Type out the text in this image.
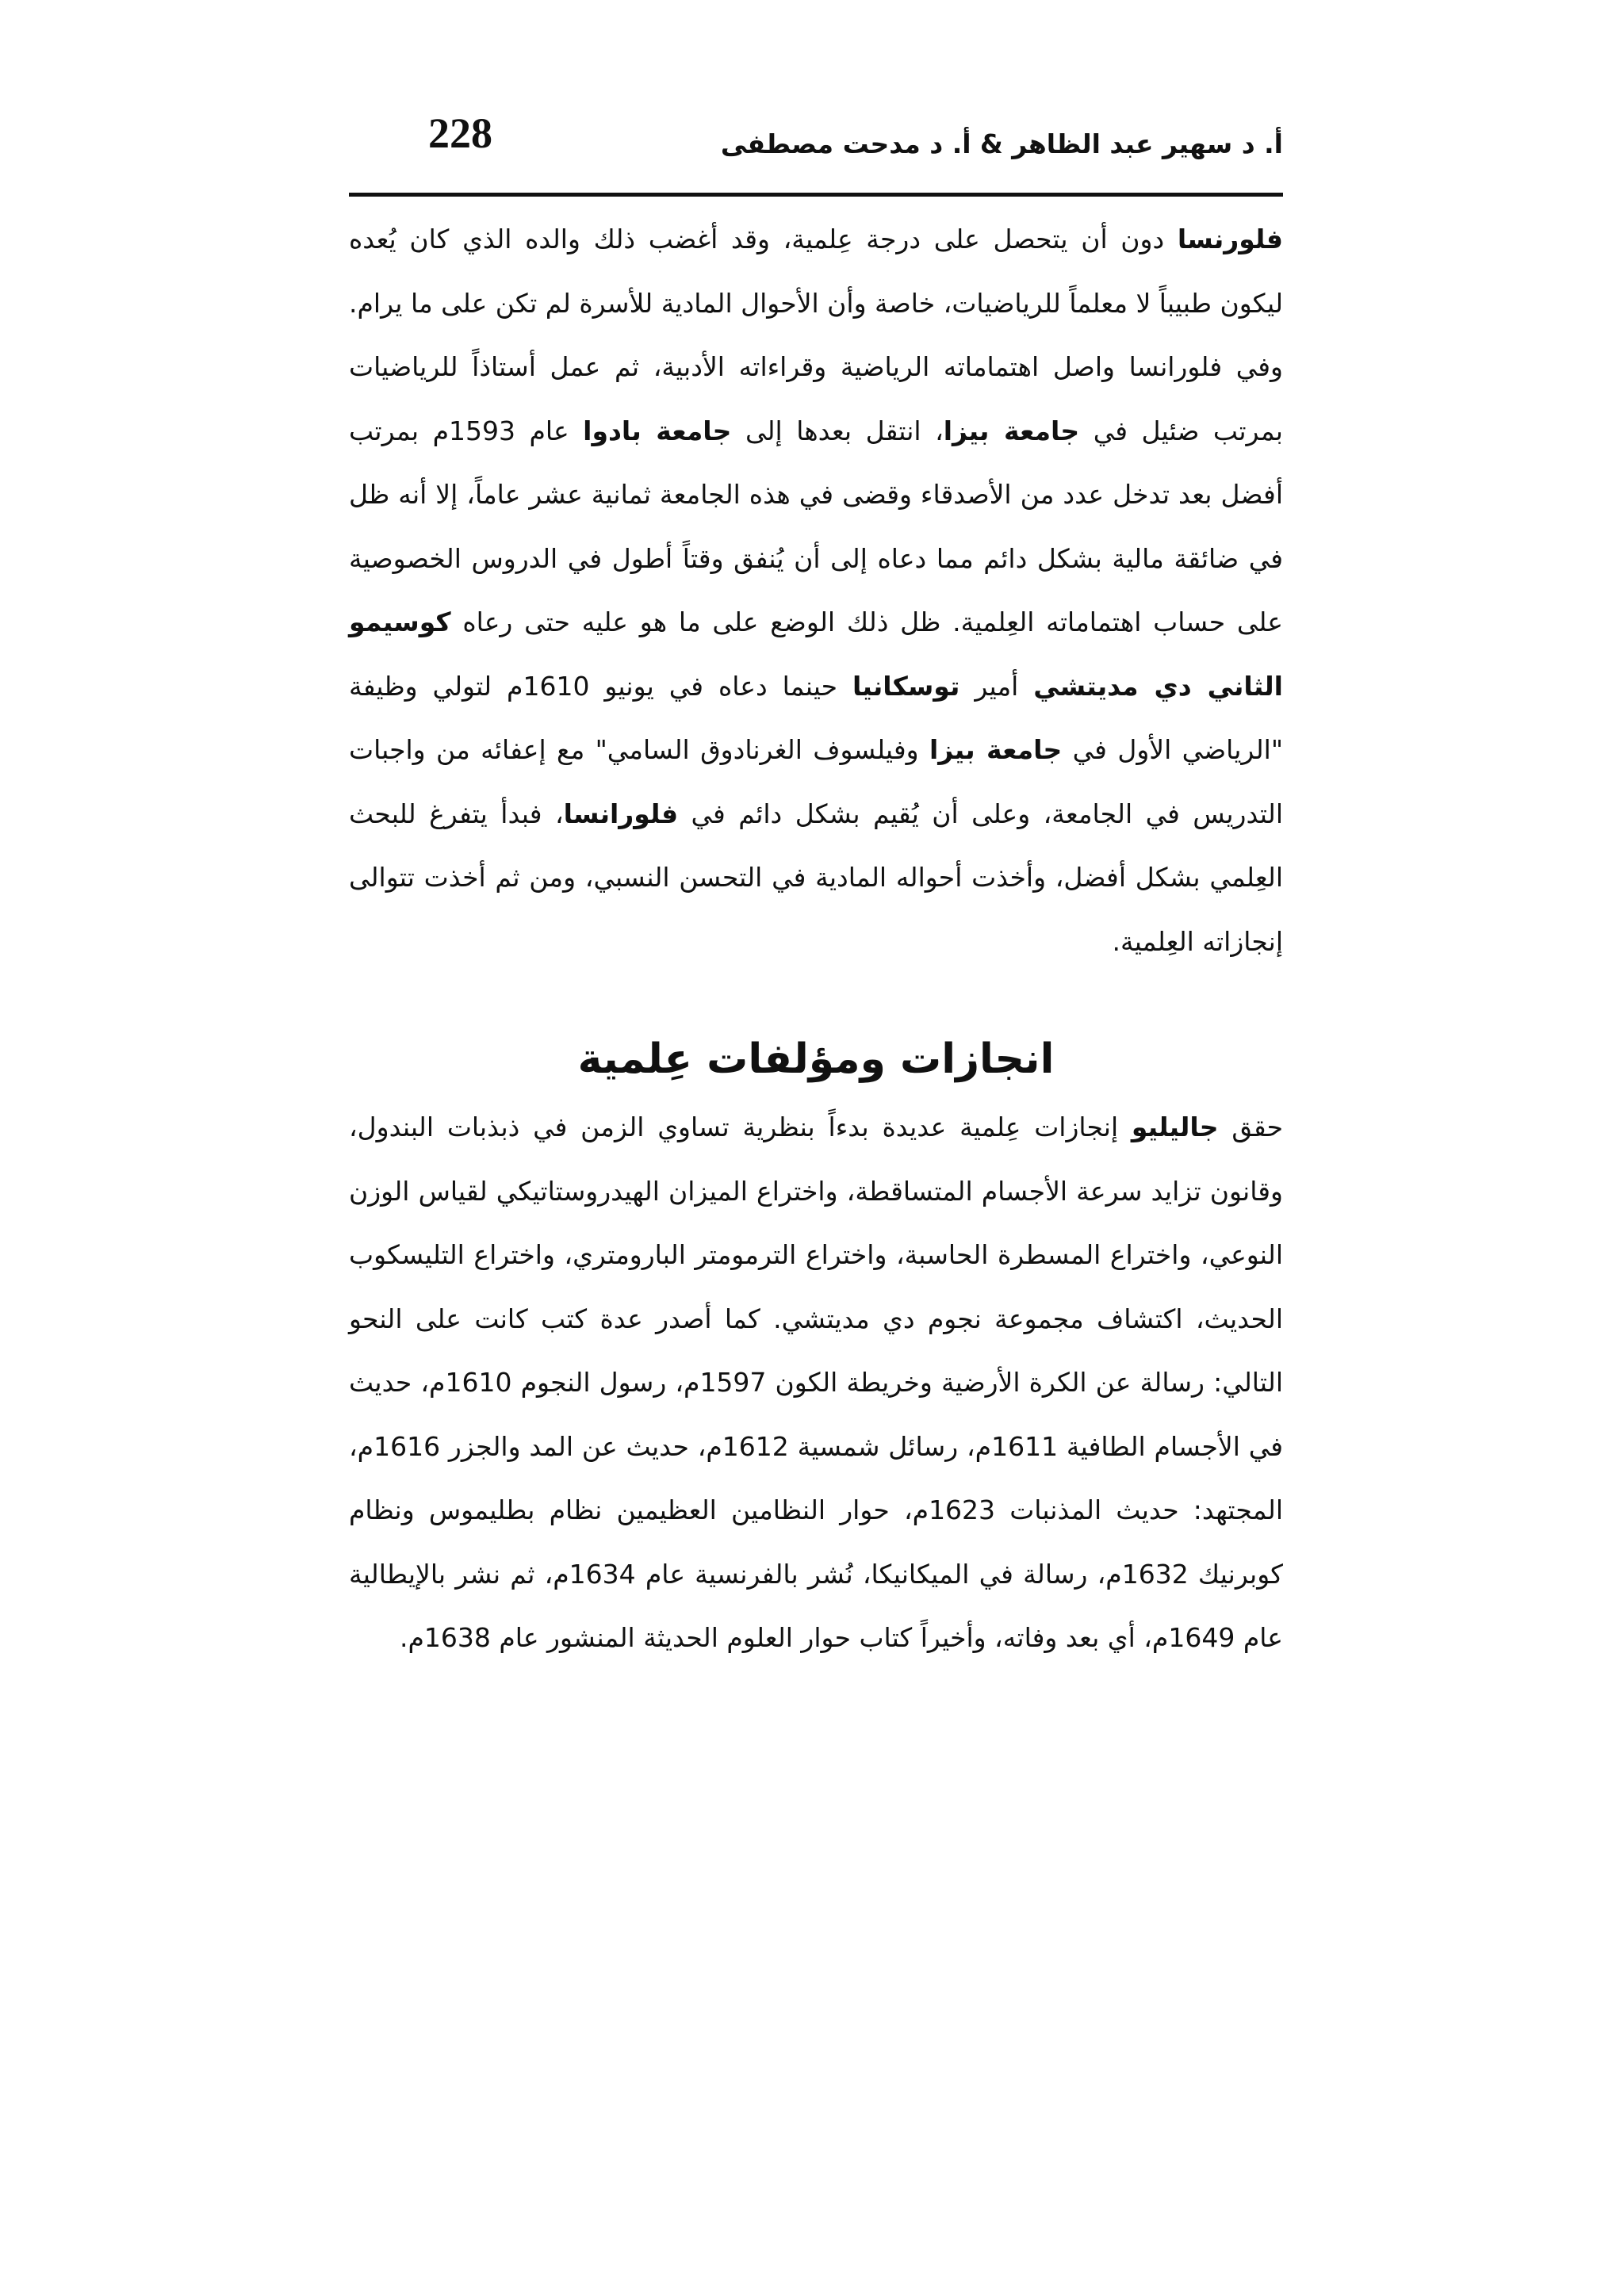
228	أ. د سهير عبد الظاهر & أ. د مدحت مصطفى

فلورنسا دون أن يتحصل على درجة عِلمية، وقد أغضب ذلك والده الذي كان يُعده ليكون طبيباً لا معلماً للرياضيات، خاصة وأن الأحوال المادية للأسرة لم تكن على ما يرام. وفي فلورانسا واصل اهتماماته الرياضية وقراءاته الأدبية، ثم عمل أستاذاً للرياضيات بمرتب ضئيل في جامعة بيزا، انتقل بعدها إلى جامعة بادوا عام 1593م بمرتب أفضل بعد تدخل عدد من الأصدقاء وقضى في هذه الجامعة ثمانية عشر عاماً، إلا أنه ظل في ضائقة مالية بشكل دائم مما دعاه إلى أن يُنفق وقتاً أطول في الدروس الخصوصية على حساب اهتماماته العِلمية. ظل ذلك الوضع على ما هو عليه حتى رعاه كوسيمو الثاني دي مديتشي أمير توسكانيا حينما دعاه في يونيو 1610م لتولي وظيفة "الرياضي الأول في جامعة بيزا وفيلسوف الغرنادوق السامي" مع إعفائه من واجبات التدريس في الجامعة، وعلى أن يُقيم بشكل دائم في فلورانسا، فبدأ يتفرغ للبحث العِلمي بشكل أفضل، وأخذت أحواله المادية في التحسن النسبي، ومن ثم أخذت تتوالى إنجازاته العِلمية.

انجازات ومؤلفات عِلمية

حقق جاليليو إنجازات عِلمية عديدة بدءاً بنظرية تساوي الزمن في ذبذبات البندول، وقانون تزايد سرعة الأجسام المتساقطة، واختراع الميزان الهيدروستاتيكي لقياس الوزن النوعي، واختراع المسطرة الحاسبة، واختراع الترمومتر البارومتري، واختراع التليسكوب الحديث، اكتشاف مجموعة نجوم دي مديتشي. كما أصدر عدة كتب كانت على النحو التالي: رسالة عن الكرة الأرضية وخريطة الكون 1597م، رسول النجوم 1610م، حديث في الأجسام الطافية 1611م، رسائل شمسية 1612م، حديث عن المد والجزر 1616م، المجتهد: حديث المذنبات 1623م، حوار النظامين العظيمين نظام بطليموس ونظام كوبرنيك 1632م، رسالة في الميكانيكا، نُشر بالفرنسية عام 1634م، ثم نشر بالإيطالية عام 1649م، أي بعد وفاته، وأخيراً كتاب حوار العلوم الحديثة المنشور عام 1638م.
